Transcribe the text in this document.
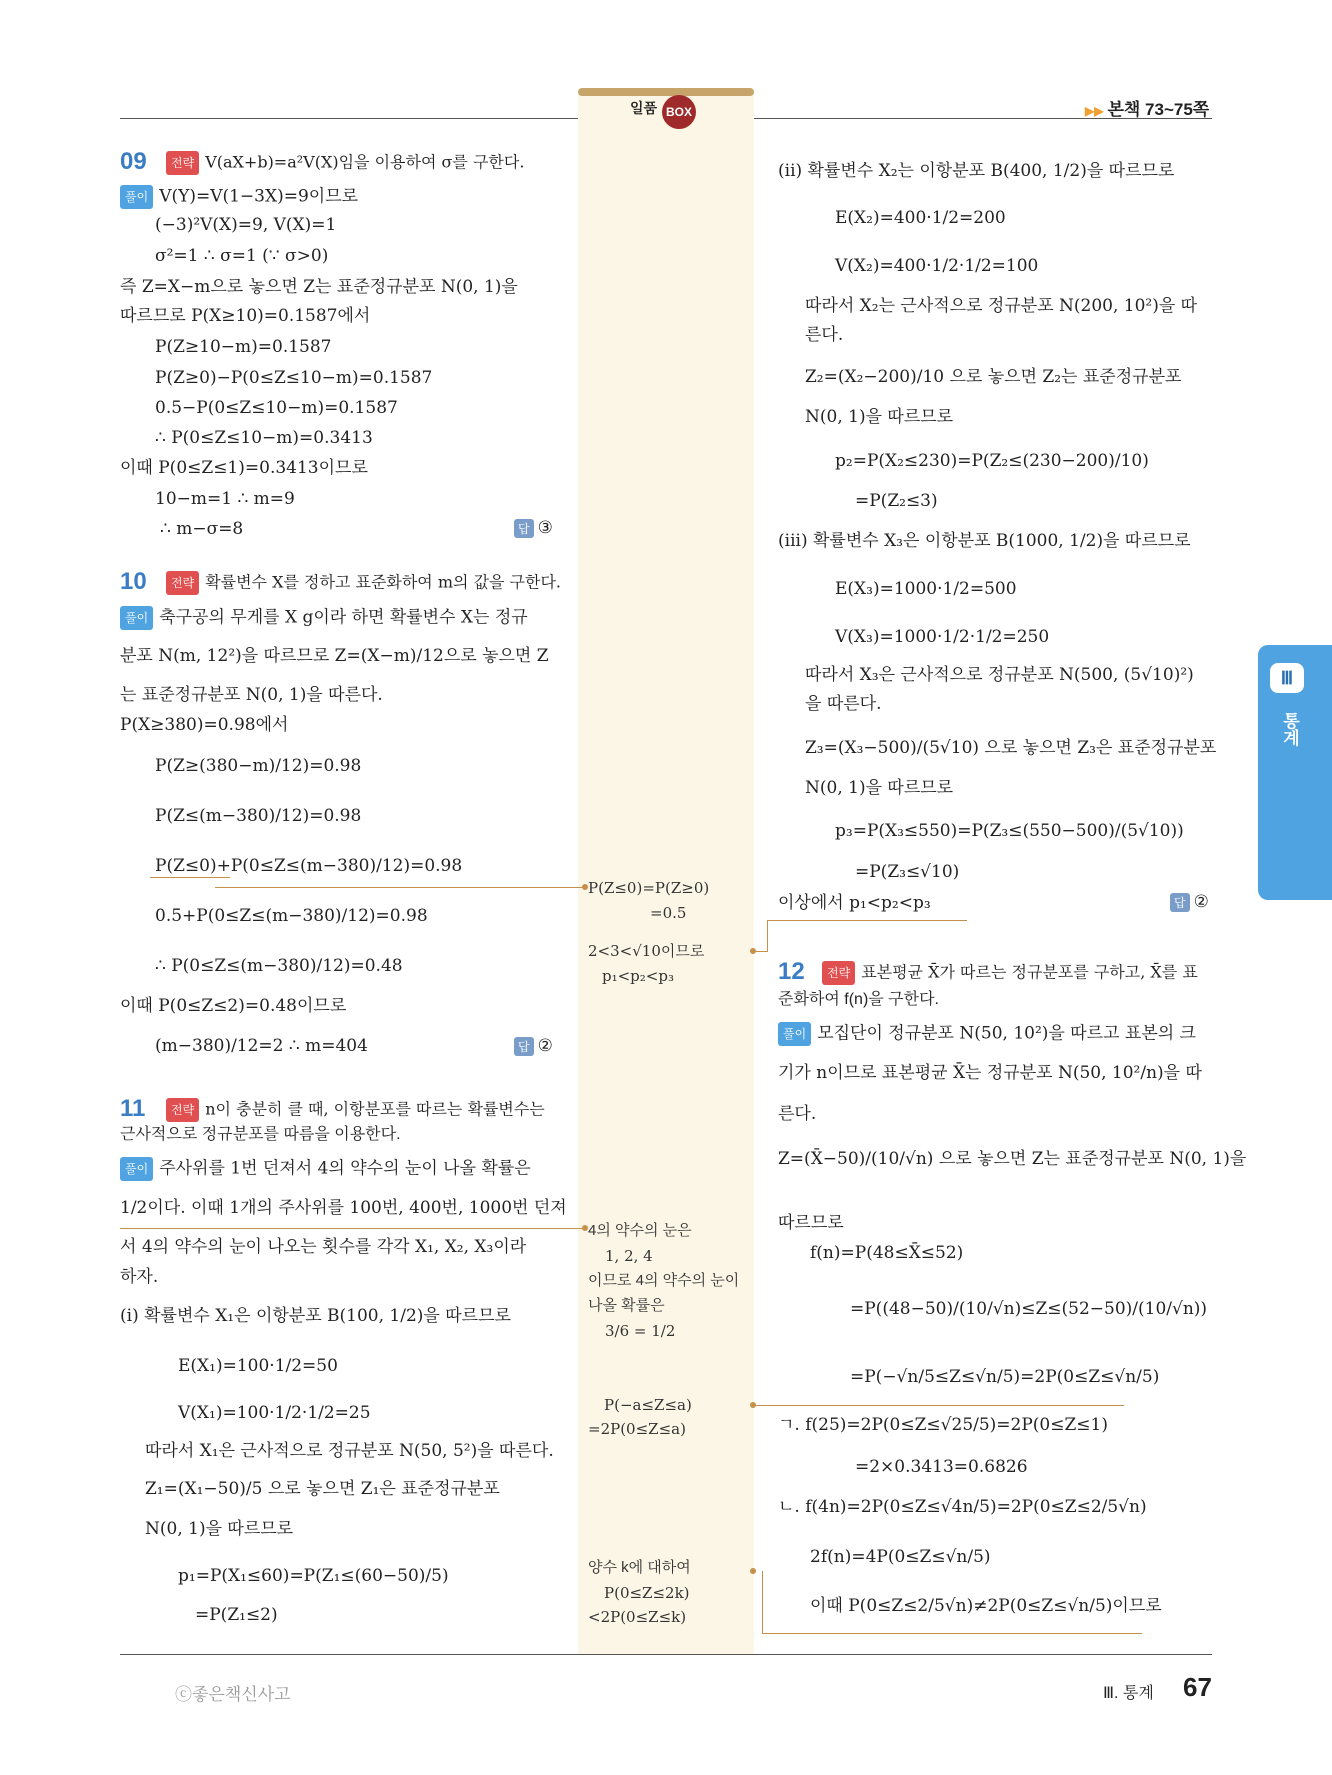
일품 BOX	▶▶ 본책 73~75쪽
Ⅲ
통계
09	전략 V(aX+b)=a²V(X)임을 이용하여 σ를 구한다.
풀이 V(Y)=V(1−3X)=9이므로
(−3)²V(X)=9, V(X)=1
σ²=1 ∴ σ=1 (∵ σ>0)
즉 Z=X−m으로 놓으면 Z는 표준정규분포 N(0, 1)을
따르므로 P(X≥10)=0.1587에서
P(Z≥10−m)=0.1587
P(Z≥0)−P(0≤Z≤10−m)=0.1587
0.5−P(0≤Z≤10−m)=0.1587
∴ P(0≤Z≤10−m)=0.3413
이때 P(0≤Z≤1)=0.3413이므로
10−m=1 ∴ m=9
∴ m−σ=8	답 ③
10	전략 확률변수 X를 정하고 표준화하여 m의 값을 구한다.
풀이 축구공의 무게를 X g이라 하면 확률변수 X는 정규
분포 N(m, 12²)을 따르므로 Z=(X−m)/12으로 놓으면 Z
는 표준정규분포 N(0, 1)을 따른다.
P(X≥380)=0.98에서
P(Z≥(380−m)/12)=0.98
P(Z≤(m−380)/12)=0.98
P(Z≤0)+P(0≤Z≤(m−380)/12)=0.98
0.5+P(0≤Z≤(m−380)/12)=0.98
∴ P(0≤Z≤(m−380)/12)=0.48
이때 P(0≤Z≤2)=0.48이므로
(m−380)/12=2 ∴ m=404	답 ②
11	전략 n이 충분히 클 때, 이항분포를 따르는 확률변수는
근사적으로 정규분포를 따름을 이용한다.
풀이 주사위를 1번 던져서 4의 약수의 눈이 나올 확률은
1/2이다. 이때 1개의 주사위를 100번, 400번, 1000번 던져
서 4의 약수의 눈이 나오는 횟수를 각각 X₁, X₂, X₃이라
하자.
(i) 확률변수 X₁은 이항분포 B(100, 1/2)을 따르므로
E(X₁)=100·1/2=50
V(X₁)=100·1/2·1/2=25
따라서 X₁은 근사적으로 정규분포 N(50, 5²)을 따른다.
Z₁=(X₁−50)/5 으로 놓으면 Z₁은 표준정규분포
N(0, 1)을 따르므로
p₁=P(X₁≤60)=P(Z₁≤(60−50)/5)
=P(Z₁≤2)
P(Z≤0)=P(Z≥0)
=0.5
2<3<√10이므로
p₁<p₂<p₃
4의 약수의 눈은
1, 2, 4
이므로 4의 약수의 눈이
나올 확률은
3/6 = 1/2
P(−a≤Z≤a)
=2P(0≤Z≤a)
양수 k에 대하여
P(0≤Z≤2k)
<2P(0≤Z≤k)
(ii) 확률변수 X₂는 이항분포 B(400, 1/2)을 따르므로
E(X₂)=400·1/2=200
V(X₂)=400·1/2·1/2=100
따라서 X₂는 근사적으로 정규분포 N(200, 10²)을 따
른다.
Z₂=(X₂−200)/10 으로 놓으면 Z₂는 표준정규분포
N(0, 1)을 따르므로
p₂=P(X₂≤230)=P(Z₂≤(230−200)/10)
=P(Z₂≤3)
(iii) 확률변수 X₃은 이항분포 B(1000, 1/2)을 따르므로
E(X₃)=1000·1/2=500
V(X₃)=1000·1/2·1/2=250
따라서 X₃은 근사적으로 정규분포 N(500, (5√10)²)
을 따른다.
Z₃=(X₃−500)/(5√10) 으로 놓으면 Z₃은 표준정규분포
N(0, 1)을 따르므로
p₃=P(X₃≤550)=P(Z₃≤(550−500)/(5√10))
=P(Z₃≤√10)
이상에서 p₁<p₂<p₃	답 ②
12	전략 표본평균 X̄가 따르는 정규분포를 구하고, X̄를 표
준화하여 f(n)을 구한다.
풀이 모집단이 정규분포 N(50, 10²)을 따르고 표본의 크
기가 n이므로 표본평균 X̄는 정규분포 N(50, 10²/n)을 따
른다.
Z=(X̄−50)/(10/√n) 으로 놓으면 Z는 표준정규분포 N(0, 1)을
따르므로
f(n)=P(48≤X̄≤52)
=P((48−50)/(10/√n)≤Z≤(52−50)/(10/√n))
=P(−√n/5≤Z≤√n/5)=2P(0≤Z≤√n/5)
ㄱ. f(25)=2P(0≤Z≤√25/5)=2P(0≤Z≤1)
=2×0.3413=0.6826
ㄴ. f(4n)=2P(0≤Z≤√4n/5)=2P(0≤Z≤2/5√n)
2f(n)=4P(0≤Z≤√n/5)
이때 P(0≤Z≤2/5√n)≠2P(0≤Z≤√n/5)이므로
ⓒ좋은책신사고	Ⅲ. 통계 67
